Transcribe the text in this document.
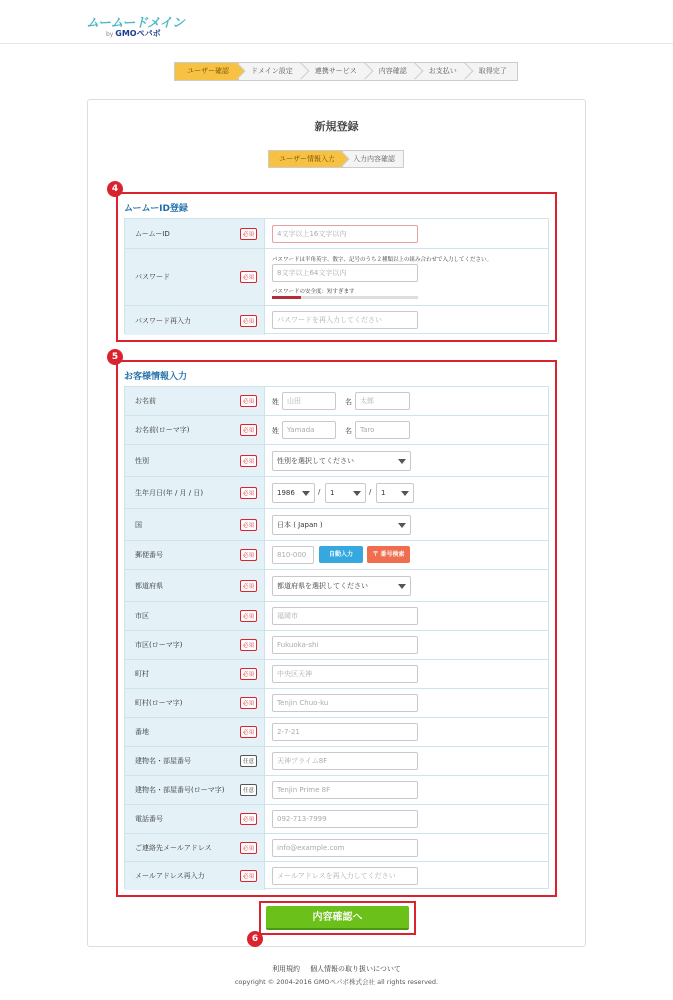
ムームードメイン
by GMOペパボ
ユーザー確認	ドメイン設定	連携サービス	内容確認	お支払い	取得完了
新規登録
ユーザー情報入力	入力内容確認
4
ムームーID登録
ムームーID	必須	4文字以上16文字以内
パスワード	必須
パスワードは半角英字、数字、記号のうち２種類以上の組み合わせで入力してください。
8文字以上64文字以内
パスワードの安全度：短すぎます
パスワード再入力	必須	パスワードを再入力してください
5
お客様情報入力
お名前	必須	姓	山田	名	太郎
お名前(ローマ字)	必須	姓	Yamada	名	Taro
性別	必須	性別を選択してください
生年月日(年 / 月 / 日)	必須	1986	/	1	/	1
国	必須	日本 ( Japan )
郵便番号	必須	810-000	自動入力	〒 番号検索
都道府県	必須	都道府県を選択してください
市区	必須	福岡市
市区(ローマ字)	必須	Fukuoka-shi
町村	必須	中央区天神
町村(ローマ字)	必須	Tenjin Chuo-ku
番地	必須	2-7-21
建物名・部屋番号	任意	天神プライム8F
建物名・部屋番号(ローマ字)	任意	Tenjin Prime 8F
電話番号	必須	092-713-7999
ご連絡先メールアドレス	必須	info@example.com
メールアドレス再入力	必須	メールアドレスを再入力してください
6
内容確認へ
利用規約 個人情報の取り扱いについて
copyright © 2004-2016 GMOペパボ株式会社 all rights reserved.
